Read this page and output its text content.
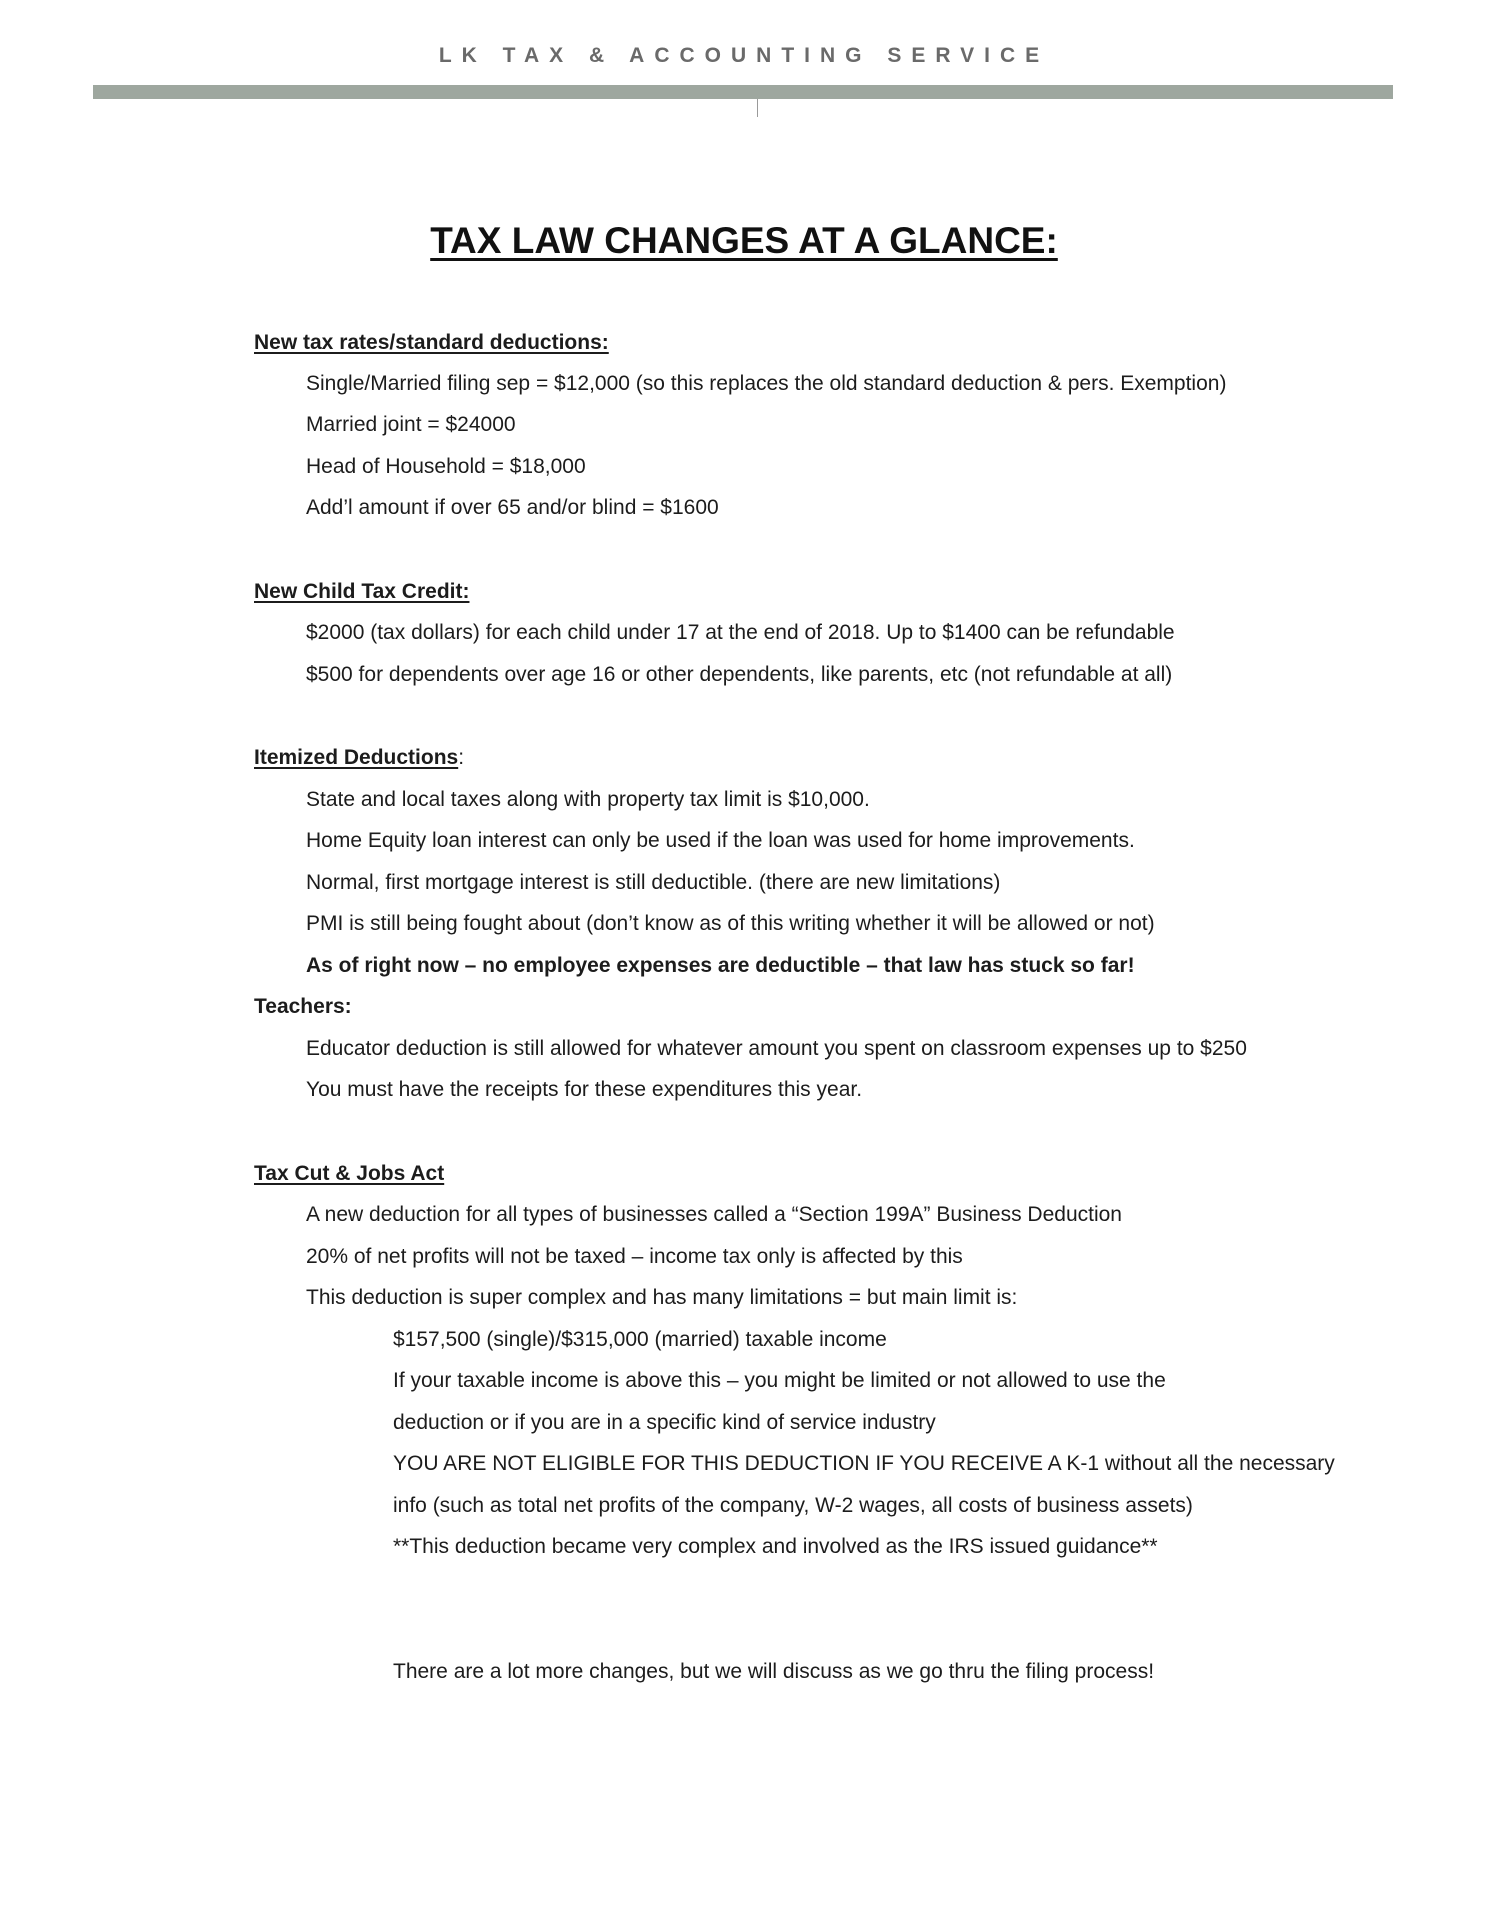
LK TAX & ACCOUNTING SERVICE
TAX LAW CHANGES AT A GLANCE:
New tax rates/standard deductions:
Single/Married filing sep = $12,000 (so this replaces the old standard deduction & pers. Exemption)
Married joint = $24000
Head of Household = $18,000
Add’l amount if over 65 and/or blind = $1600
New Child Tax Credit:
$2000 (tax dollars) for each child under 17 at the end of 2018. Up to $1400 can be refundable
$500 for dependents over age 16 or other dependents, like parents, etc (not refundable at all)
Itemized Deductions:
State and local taxes along with property tax limit is $10,000.
Home Equity loan interest can only be used if the loan was used for home improvements.
Normal, first mortgage interest is still deductible. (there are new limitations)
PMI is still being fought about (don’t know as of this writing whether it will be allowed or not)
As of right now – no employee expenses are deductible – that law has stuck so far!
Teachers:
Educator deduction is still allowed for whatever amount you spent on classroom expenses up to $250
You must have the receipts for these expenditures this year.
Tax Cut & Jobs Act
A new deduction for all types of businesses called a “Section 199A” Business Deduction
20% of net profits will not be taxed – income tax only is affected by this
This deduction is super complex and has many limitations = but main limit is:
$157,500 (single)/$315,000 (married) taxable income
If your taxable income is above this – you might be limited or not allowed to use the
deduction or if you are in a specific kind of service industry
YOU ARE NOT ELIGIBLE FOR THIS DEDUCTION IF YOU RECEIVE A K-1 without all the necessary
info (such as total net profits of the company, W-2 wages, all costs of business assets)
**This deduction became very complex and involved as the IRS issued guidance**
There are a lot more changes, but we will discuss as we go thru the filing process!
